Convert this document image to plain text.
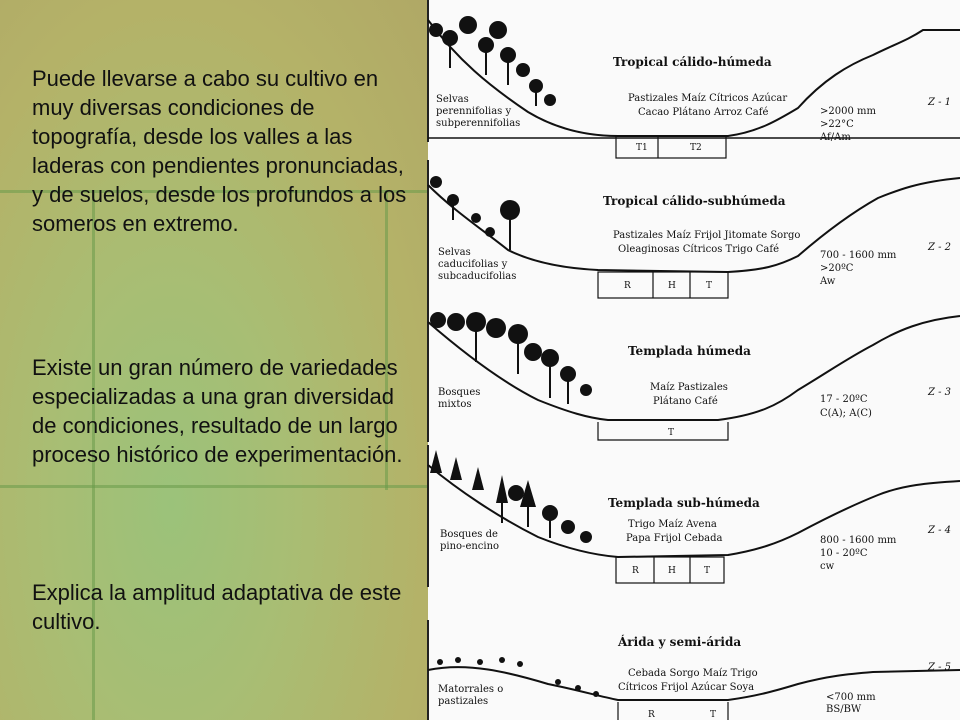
Puede llevarse a cabo su cultivo en muy diversas condiciones de topografía, desde los valles a las laderas con pendientes pronunciadas, y de suelos, desde los profundos a los someros en extremo.
Existe un gran número de variedades especializadas a una gran diversidad de condiciones, resultado de un largo proceso histórico de experimentación.
Explica la amplitud adaptativa de este cultivo.
T1	T2
Tropical cálido-húmeda
Pastizales Maíz Cítricos Azúcar
Cacao Plátano Arroz Café
Selvas
perennifolias y
subperennifolias
>2000 mm
>22°C
Af/Am
Z - 1
R	H	T
Tropical cálido-subhúmeda
Pastizales Maíz Frijol Jitomate Sorgo
Oleaginosas Cítricos Trigo Café
Selvas
caducifolias y
subcaducifolias
700 - 1600 mm
>20ºC
Aw
Z - 2
T
Templada húmeda
Maíz Pastizales
Plátano Café
Bosques
mixtos	17 - 20ºC
C(A); A(C)
Z - 3
R	H	T
Templada sub-húmeda
Trigo Maíz Avena
Papa Frijol Cebada
Bosques de
pino-encino
800 - 1600 mm
10 - 20ºC
cw
Z - 4
R	T
Árida y semi-árida
Cebada Sorgo Maíz Trigo
Cítricos Frijol Azúcar Soya
Matorrales o
pastizales	<700 mm
BS/BW
Z - 5
